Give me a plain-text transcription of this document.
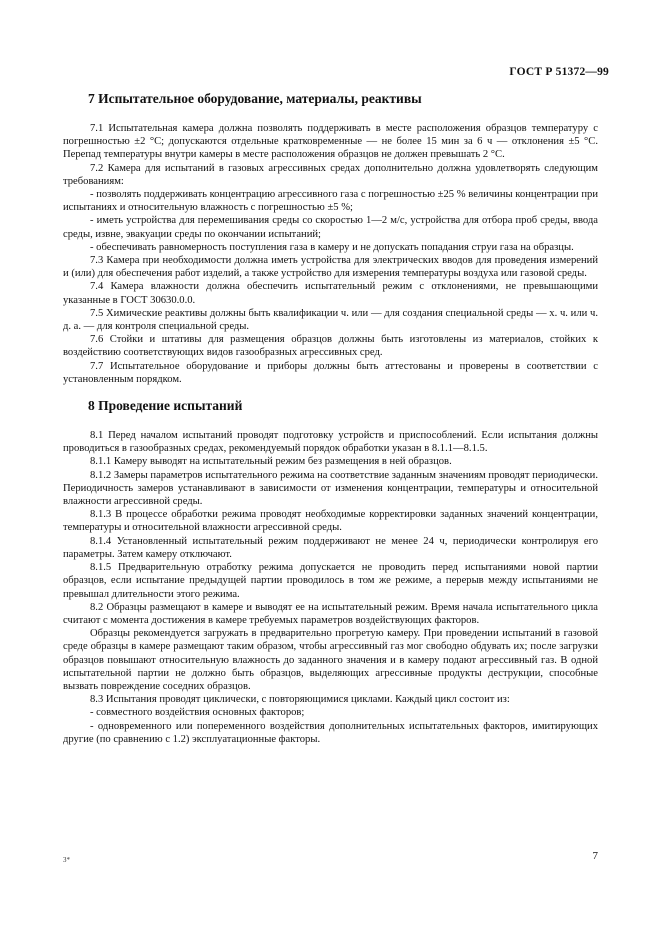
ГОСТ Р 51372—99
7 Испытательное оборудование, материалы, реактивы

7.1 Испытательная камера должна позволять поддерживать в месте расположения образцов температуру с погрешностью ±2 °С; допускаются отдельные кратковременные — не более 15 мин за 6 ч — отклонения ±5 °С. Перепад температуры внутри камеры в месте расположения образцов не должен превышать 2 °С.

7.2 Камера для испытаний в газовых агрессивных средах дополнительно должна удовлетворять следующим требованиям:

- позволять поддерживать концентрацию агрессивного газа с погрешностью ±25 % величины концентрации при испытаниях и относительную влажность с погрешностью ±5 %;

- иметь устройства для перемешивания среды со скоростью 1—2 м/с, устройства для отбора проб среды, ввода среды, извне, эвакуации среды по окончании испытаний;

- обеспечивать равномерность поступления газа в камеру и не допускать попадания струи газа на образцы.

7.3 Камера при необходимости должна иметь устройства для электрических вводов для проведения измерений и (или) для обеспечения работ изделий, а также устройство для измерения температуры воздуха или газовой среды.

7.4 Камера влажности должна обеспечить испытательный режим с отклонениями, не превышающими указанные в ГОСТ 30630.0.0.

7.5 Химические реактивы должны быть квалификации ч. или — для создания специальной среды — х. ч. или ч. д. а. — для контроля специальной среды.

7.6 Стойки и штативы для размещения образцов должны быть изготовлены из материалов, стойких к воздействию соответствующих видов газообразных агрессивных сред.

7.7 Испытательное оборудование и приборы должны быть аттестованы и проверены в соответствии с установленным порядком.

8 Проведение испытаний

8.1 Перед началом испытаний проводят подготовку устройств и приспособлений. Если испытания должны проводиться в газообразных средах, рекомендуемый порядок обработки указан в 8.1.1—8.1.5.

8.1.1 Камеру выводят на испытательный режим без размещения в ней образцов.

8.1.2 Замеры параметров испытательного режима на соответствие заданным значениям проводят периодически. Периодичность замеров устанавливают в зависимости от изменения концентрации, температуры и относительной влажности агрессивной среды.

8.1.3 В процессе обработки режима проводят необходимые корректировки заданных значений концентрации, температуры и относительной влажности агрессивной среды.

8.1.4 Установленный испытательный режим поддерживают не менее 24 ч, периодически контролируя его параметры. Затем камеру отключают.

8.1.5 Предварительную отработку режима допускается не проводить перед испытаниями новой партии образцов, если испытание предыдущей партии проводилось в том же режиме, а перерыв между испытаниями не превышал длительности этого режима.

8.2 Образцы размещают в камере и выводят ее на испытательный режим. Время начала испытательного цикла считают с момента достижения в камере требуемых параметров воздействующих факторов.

Образцы рекомендуется загружать в предварительно прогретую камеру. При проведении испытаний в газовой среде образцы в камере размещают таким образом, чтобы агрессивный газ мог свободно обдувать их; после загрузки образцов повышают относительную влажность до заданного значения и в камеру подают агрессивный газ. В одной испытательной партии не должно быть образцов, выделяющих агрессивные продукты деструкции, способные вызвать повреждение соседних образцов.

8.3 Испытания проводят циклически, с повторяющимися циклами. Каждый цикл состоит из:

- совместного воздействия основных факторов;

- одновременного или попеременного воздействия дополнительных испытательных факторов, имитирующих другие (по сравнению с 1.2) эксплуатационные факторы.

3*	7
